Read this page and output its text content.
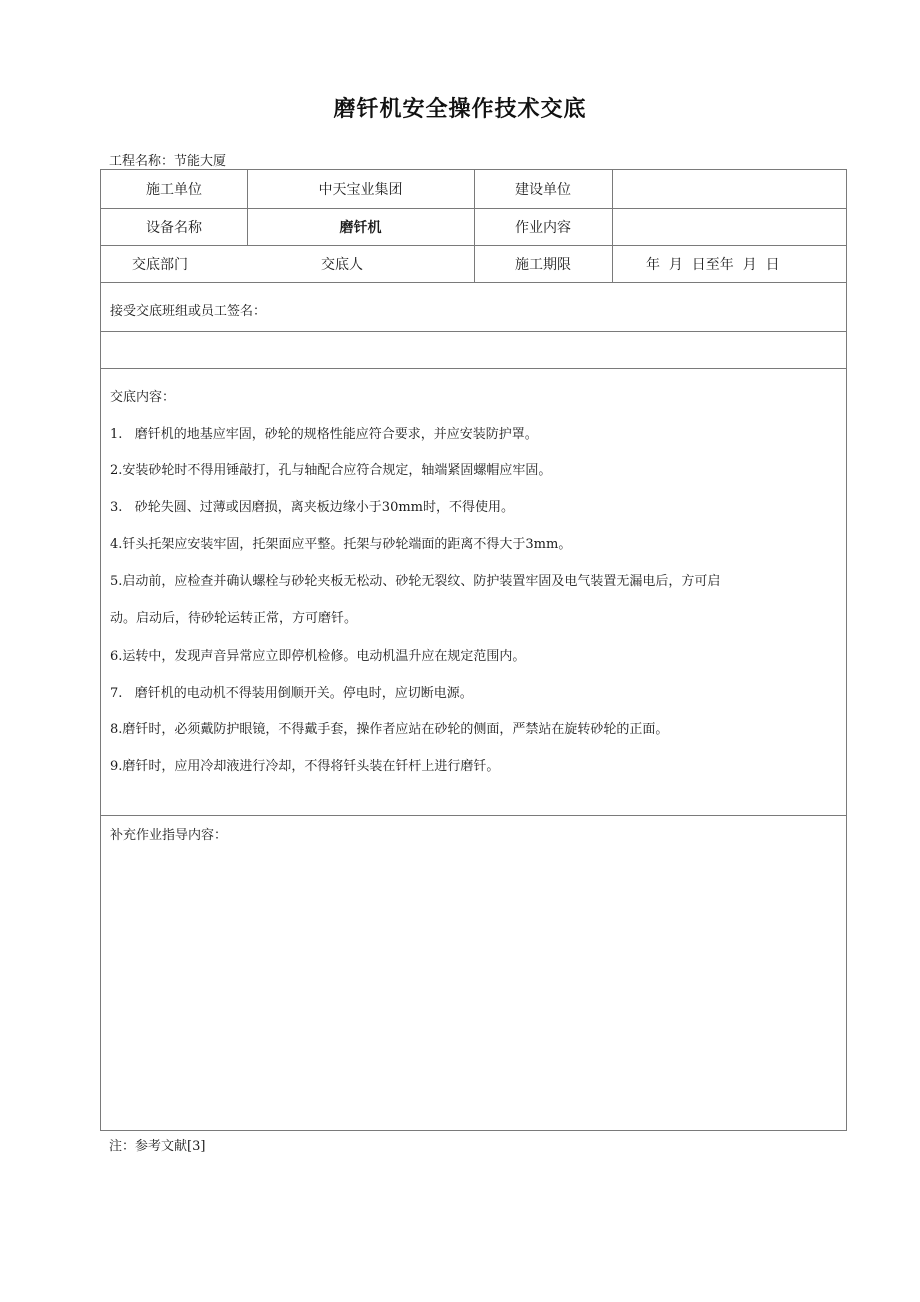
磨钎机安全操作技术交底
工程名称：节能大厦
施工单位	中天宝业集团	建设单位
设备名称	磨钎机	作业内容
交底部门	交底人	施工期限	年  月  日至年  月  日
接受交底班组或员工签名：
交底内容：
1.   磨钎机的地基应牢固，砂轮的规格性能应符合要求，并应安装防护罩。
2.安装砂轮时不得用锤敲打，孔与轴配合应符合规定，轴端紧固螺帽应牢固。
3.   砂轮失圆、过薄或因磨损，离夹板边缘小于30mm时，不得使用。
4.钎头托架应安装牢固，托架面应平整。托架与砂轮端面的距离不得大于3mm。
5.启动前，应检查并确认螺栓与砂轮夹板无松动、砂轮无裂纹、防护装置牢固及电气装置无漏电后，方可启
动。启动后，待砂轮运转正常，方可磨钎。
6.运转中，发现声音异常应立即停机检修。电动机温升应在规定范围内。
7.   磨钎机的电动机不得装用倒顺开关。停电时，应切断电源。
8.磨钎时，必须戴防护眼镜，不得戴手套，操作者应站在砂轮的侧面，严禁站在旋转砂轮的正面。
9.磨钎时，应用冷却液进行冷却，不得将钎头装在钎杆上进行磨钎。
补充作业指导内容：
注：参考文献[3]
